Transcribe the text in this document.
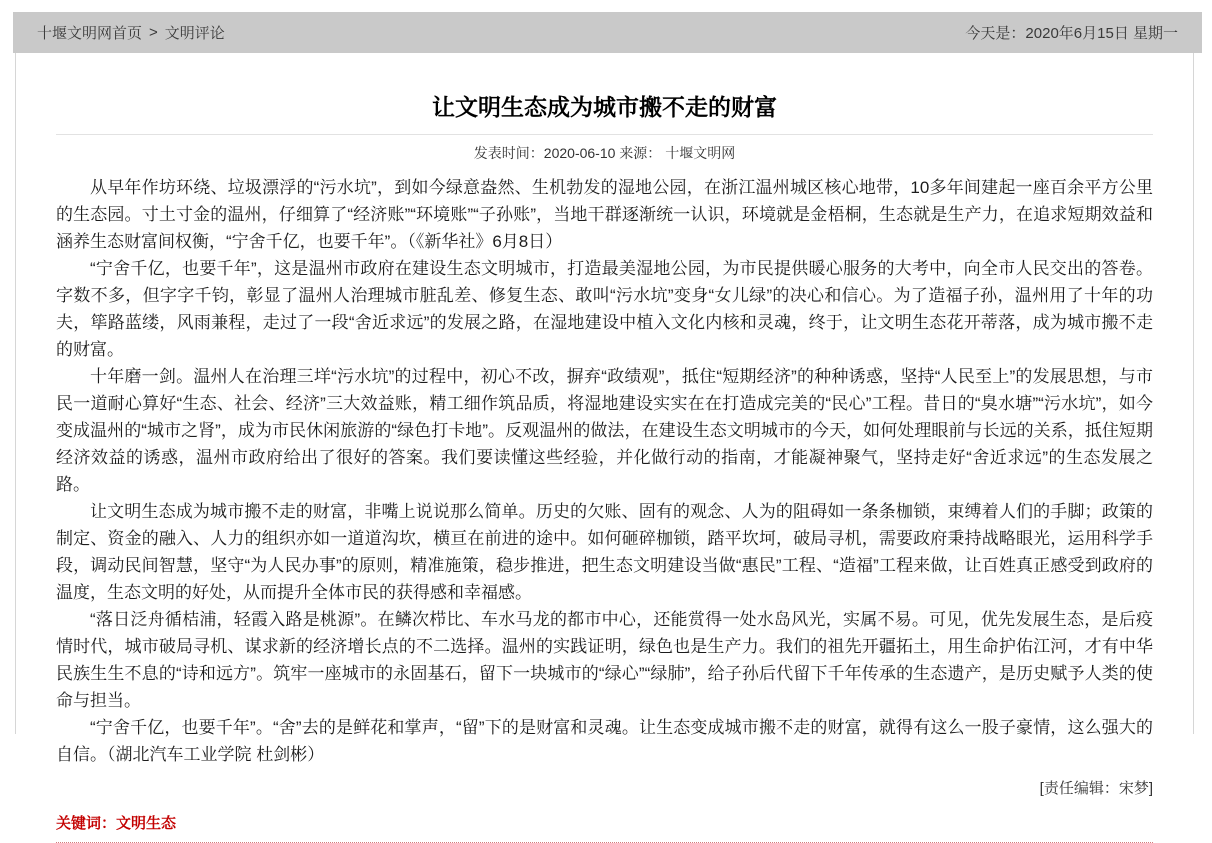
十堰文明网首页 > 文明评论	今天是：2020年6月15日 星期一
让文明生态成为城市搬不走的财富
发表时间：2020-06-10 来源： 十堰文明网

从早年作坊环绕、垃圾漂浮的“污水坑”，到如今绿意盎然、生机勃发的湿地公园，在浙江温州城区核心地带，10多年间建起一座百余平方公里的生态园。寸土寸金的温州，仔细算了“经济账”“环境账”“子孙账”，当地干群逐渐统一认识，环境就是金梧桐，生态就是生产力，在追求短期效益和涵养生态财富间权衡，“宁舍千亿，也要千年”。（《新华社》6月8日）

“宁舍千亿，也要千年”，这是温州市政府在建设生态文明城市，打造最美湿地公园，为市民提供暖心服务的大考中，向全市人民交出的答卷。字数不多，但字字千钧，彰显了温州人治理城市脏乱差、修复生态、敢叫“污水坑”变身“女儿绿”的决心和信心。为了造福子孙，温州用了十年的功夫，筚路蓝缕，风雨兼程，走过了一段“舍近求远”的发展之路，在湿地建设中植入文化内核和灵魂，终于，让文明生态花开蒂落，成为城市搬不走的财富。

十年磨一剑。温州人在治理三垟“污水坑”的过程中，初心不改，摒弃“政绩观”，抵住“短期经济”的种种诱惑，坚持“人民至上”的发展思想，与市民一道耐心算好“生态、社会、经济”三大效益账，精工细作筑品质，将湿地建设实实在在打造成完美的“民心”工程。昔日的“臭水塘”“污水坑”，如今变成温州的“城市之肾”，成为市民休闲旅游的“绿色打卡地”。反观温州的做法，在建设生态文明城市的今天，如何处理眼前与长远的关系，抵住短期经济效益的诱惑，温州市政府给出了很好的答案。我们要读懂这些经验，并化做行动的指南，才能凝神聚气，坚持走好“舍近求远”的生态发展之路。

让文明生态成为城市搬不走的财富，非嘴上说说那么简单。历史的欠账、固有的观念、人为的阻碍如一条条枷锁，束缚着人们的手脚；政策的制定、资金的融入、人力的组织亦如一道道沟坎，横亘在前进的途中。如何砸碎枷锁，踏平坎坷，破局寻机，需要政府秉持战略眼光，运用科学手段，调动民间智慧，坚守“为人民办事”的原则，精准施策，稳步推进，把生态文明建设当做“惠民”工程、“造福”工程来做，让百姓真正感受到政府的温度，生态文明的好处，从而提升全体市民的获得感和幸福感。

“落日泛舟循桔浦，轻霞入路是桃源”。在鳞次栉比、车水马龙的都市中心，还能赏得一处水岛风光，实属不易。可见，优先发展生态，是后疫情时代，城市破局寻机、谋求新的经济增长点的不二选择。温州的实践证明，绿色也是生产力。我们的祖先开疆拓土，用生命护佑江河，才有中华民族生生不息的“诗和远方”。筑牢一座城市的永固基石，留下一块城市的“绿心”“绿肺”，给子孙后代留下千年传承的生态遗产，是历史赋予人类的使命与担当。

“宁舍千亿，也要千年”。“舍”去的是鲜花和掌声，“留”下的是财富和灵魂。让生态变成城市搬不走的财富，就得有这么一股子豪情，这么强大的自信。（湖北汽车工业学院 杜剑彬）

[责任编辑：宋梦]
关键词：文明生态
